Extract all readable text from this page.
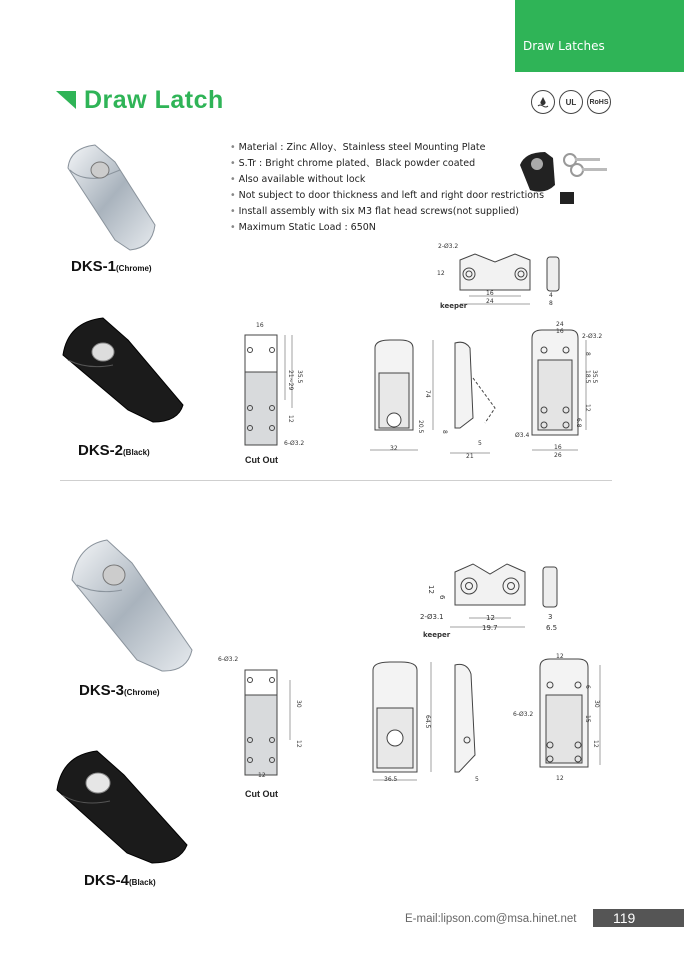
Draw Latches
Draw Latch	UL	RoHS
• Material : Zinc Alloy、Stainless steel Mounting Plate
• S.Tr : Bright chrome plated、Black powder coated
• Also available without lock
• Not subject to door thickness and left and right door restrictions
• Install assembly with six M3 flat head screws(not supplied)
• Maximum Static Load : 650N
DKS-1(Chrome)
DKS-2(Black)
DKS-3(Chrome)
DKS-4(Black)
2-Ø3.2
12
16
24
keeper
4
8
16
21~29 35.5
12
6-Ø3.2
Cut Out
74
32
20.5
21
8
5
24
16
2-Ø3.2
35.5
18.5
12
6.8
8
Ø3.4
16
26
12
6
2-Ø3.1	12
19.7
keeper
3
6.5
6-Ø3.2
30
12
12
Cut Out
64.5
36.5	5
12
30
15
6
12
6-Ø3.2
12
E-mail:lipson.com@msa.hinet.net	119
